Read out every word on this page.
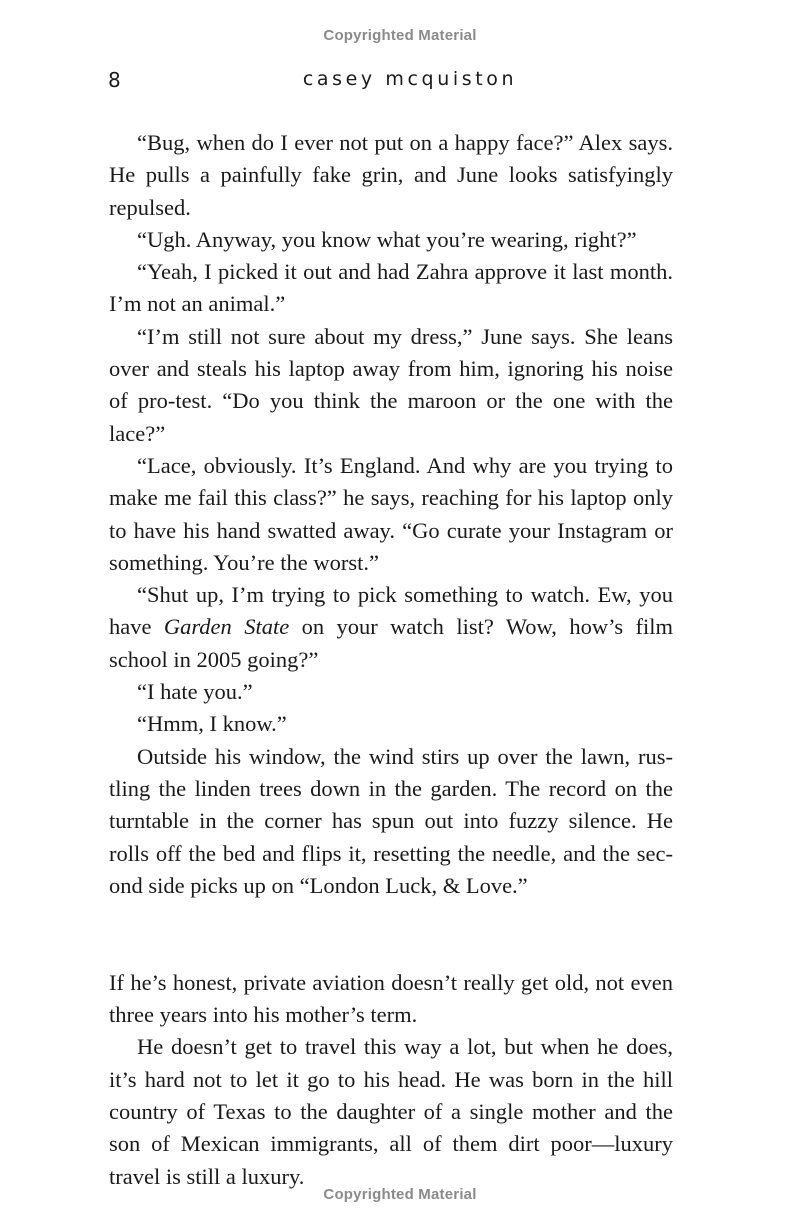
Copyrighted Material
8	casey mcquiston

“Bug, when do I ever not put on a happy face?” Alex says. He pulls a painfully fake grin, and June looks satisfyingly repulsed.

“Ugh. Anyway, you know what you’re wearing, right?”

“Yeah, I picked it out and had Zahra approve it last month. I’m not an animal.”

“I’m still not sure about my dress,” June says. She leans over and steals his laptop away from him, ignoring his noise of pro-test. “Do you think the maroon or the one with the lace?”

“Lace, obviously. It’s England. And why are you trying to make me fail this class?” he says, reaching for his laptop only to have his hand swatted away. “Go curate your Instagram or something. You’re the worst.”

“Shut up, I’m trying to pick something to watch. Ew, you have Garden State on your watch list? Wow, how’s film school in 2005 going?”

“I hate you.”

“Hmm, I know.”

Outside his window, the wind stirs up over the lawn, rus-tling the linden trees down in the garden. The record on the turntable in the corner has spun out into fuzzy silence. He rolls off the bed and flips it, resetting the needle, and the sec-ond side picks up on “London Luck, & Love.”

If he’s honest, private aviation doesn’t really get old, not even three years into his mother’s term.

He doesn’t get to travel this way a lot, but when he does, it’s hard not to let it go to his head. He was born in the hill country of Texas to the daughter of a single mother and the son of Mexican immigrants, all of them dirt poor—luxury travel is still a luxury.

Copyrighted Material
